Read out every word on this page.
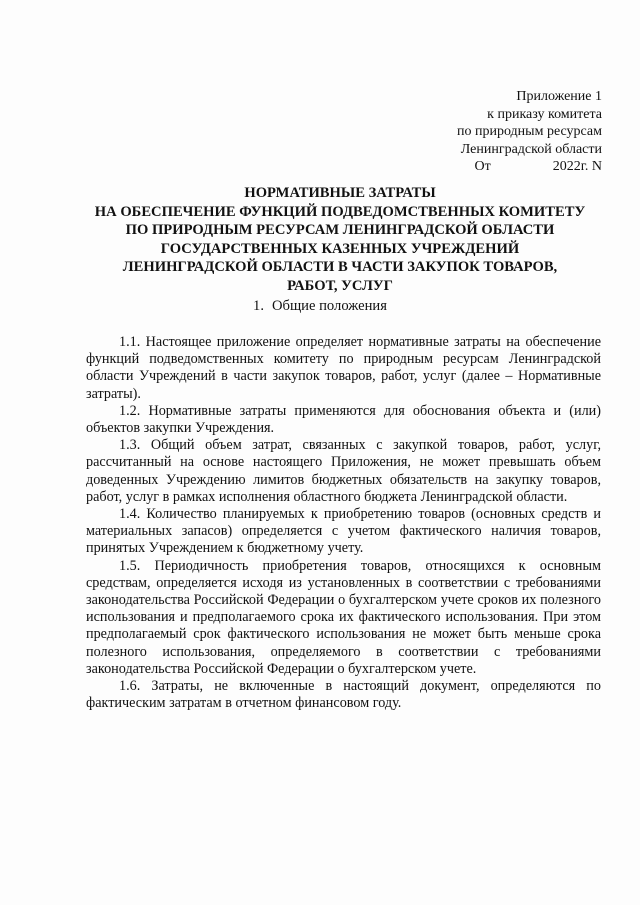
Приложение 1
к приказу комитета
по природным ресурсам
Ленинградской области
От	2022г. N
НОРМАТИВНЫЕ ЗАТРАТЫ
НА ОБЕСПЕЧЕНИЕ ФУНКЦИЙ ПОДВЕДОМСТВЕННЫХ КОМИТЕТУ
ПО ПРИРОДНЫМ РЕСУРСАМ ЛЕНИНГРАДСКОЙ ОБЛАСТИ
ГОСУДАРСТВЕННЫХ КАЗЕННЫХ УЧРЕЖДЕНИЙ
ЛЕНИНГРАДСКОЙ ОБЛАСТИ В ЧАСТИ ЗАКУПОК ТОВАРОВ,
РАБОТ, УСЛУГ
1. Общие положения

1.1. Настоящее приложение определяет нормативные затраты на обеспечение функций подведомственных комитету по природным ресурсам Ленинградской области Учреждений в части закупок товаров, работ, услуг (далее – Нормативные затраты).

1.2. Нормативные затраты применяются для обоснования объекта и (или) объектов закупки Учреждения.

1.3. Общий объем затрат, связанных с закупкой товаров, работ, услуг, рассчитанный на основе настоящего Приложения, не может превышать объем доведенных Учреждению лимитов бюджетных обязательств на закупку товаров, работ, услуг в рамках исполнения областного бюджета Ленинградской области.

1.4. Количество планируемых к приобретению товаров (основных средств и материальных запасов) определяется с учетом фактического наличия товаров, принятых Учреждением к бюджетному учету.

1.5. Периодичность приобретения товаров, относящихся к основным средствам, определяется исходя из установленных в соответствии с требованиями законодательства Российской Федерации о бухгалтерском учете сроков их полезного использования и предполагаемого срока их фактического использования. При этом предполагаемый срок фактического использования не может быть меньше срока полезного использования, определяемого в соответствии с требованиями законодательства Российской Федерации о бухгалтерском учете.

1.6. Затраты, не включенные в настоящий документ, определяются по фактическим затратам в отчетном финансовом году.
